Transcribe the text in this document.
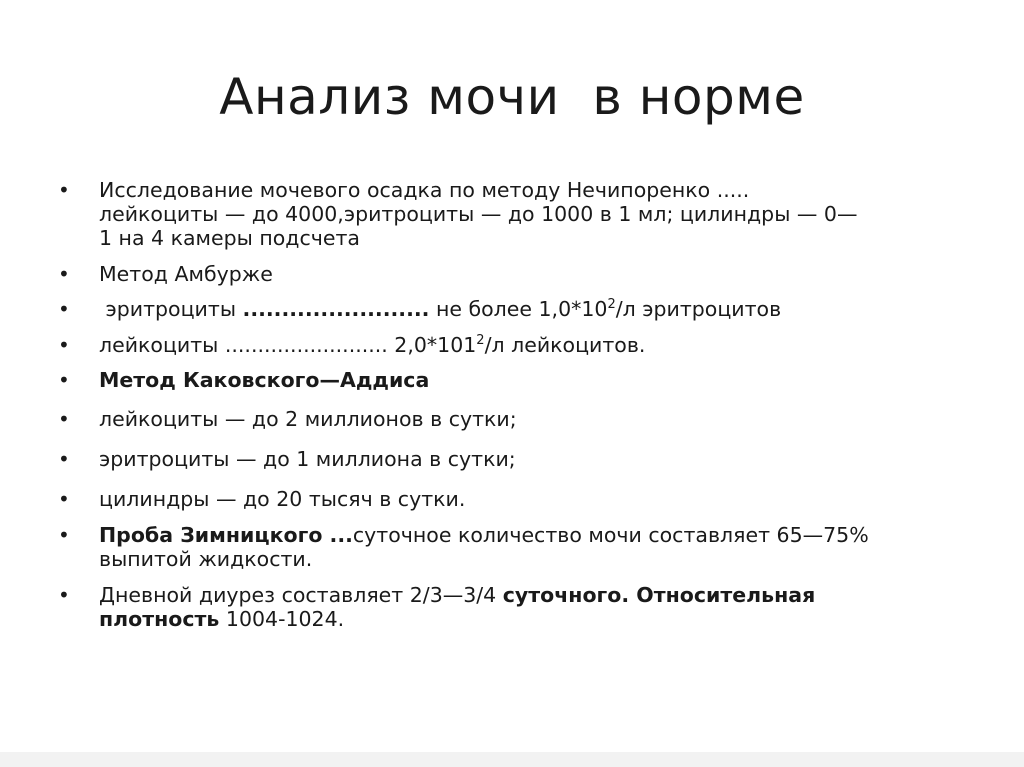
Анализ мочи  в норме
• Исследование мочевого осадка по методу Нечипоренко .....
лейкоциты — до 4000,эритроциты — до 1000 в 1 мл; цилиндры — 0—
1 на 4 камеры подсчета
• Метод Амбурже
• эритроциты ........................ не более $1,0*10^2/л$ эритроцитов
• лейкоциты ......................... $2,0*101^2/л$ лейкоцитов.
• Метод Каковского—Аддиса
• лейкоциты — до 2 миллионов в сутки;
• эритроциты — до 1 миллиона в сутки;
• цилиндры — до 20 тысяч в сутки.
• Проба Зимницкого ...суточное количество мочи составляет 65—75%
выпитой жидкости.
• Дневной диурез составляет 2/3—3/4 суточного. Относительная
плотность 1004-1024.
